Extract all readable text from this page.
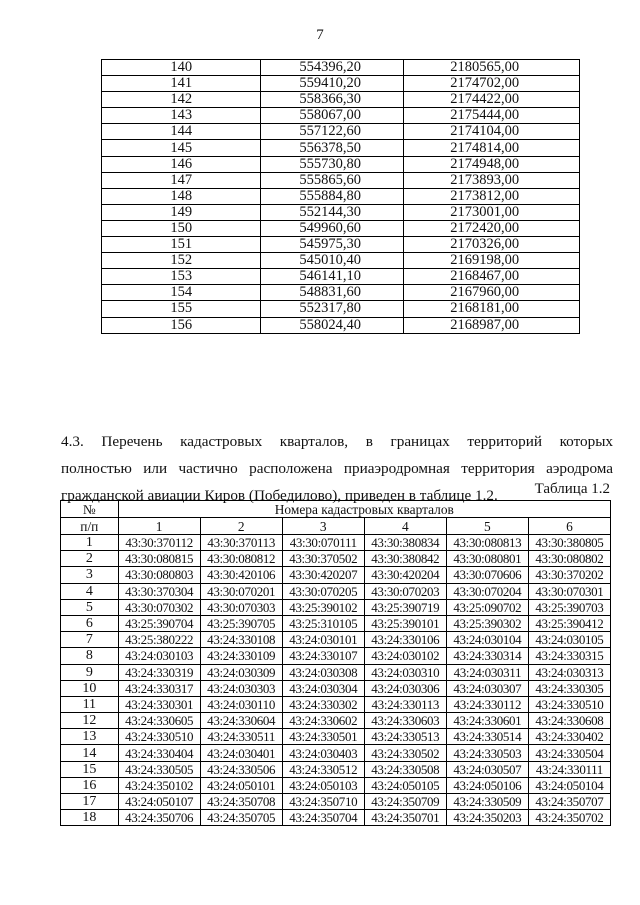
7
140	554396,20	2180565,00
141	559410,20	2174702,00
142	558366,30	2174422,00
143	558067,00	2175444,00
144	557122,60	2174104,00
145	556378,50	2174814,00
146	555730,80	2174948,00
147	555865,60	2173893,00
148	555884,80	2173812,00
149	552144,30	2173001,00
150	549960,60	2172420,00
151	545975,30	2170326,00
152	545010,40	2169198,00
153	546141,10	2168467,00
154	548831,60	2167960,00
155	552317,80	2168181,00
156	558024,40	2168987,00
4.3. Перечень кадастровых кварталов, в границах территорий которых
полностью или частично расположена приаэродромная территория аэродрома
гражданской авиации Киров (Победилово), приведен в таблице 1.2.	Таблица 1.2
№	Номера кадастровых кварталов					
п/п	1	2	3	4	5	6
1	43:30:370112	43:30:370113	43:30:070111	43:30:380834	43:30:080813	43:30:380805
2	43:30:080815	43:30:080812	43:30:370502	43:30:380842	43:30:080801	43:30:080802
3	43:30:080803	43:30:420106	43:30:420207	43:30:420204	43:30:070606	43:30:370202
4	43:30:370304	43:30:070201	43:30:070205	43:30:070203	43:30:070204	43:30:070301
5	43:30:070302	43:30:070303	43:25:390102	43:25:390719	43:25:090702	43:25:390703
6	43:25:390704	43:25:390705	43:25:310105	43:25:390101	43:25:390302	43:25:390412
7	43:25:380222	43:24:330108	43:24:030101	43:24:330106	43:24:030104	43:24:030105
8	43:24:030103	43:24:330109	43:24:330107	43:24:030102	43:24:330314	43:24:330315
9	43:24:330319	43:24:030309	43:24:030308	43:24:030310	43:24:030311	43:24:030313
10	43:24:330317	43:24:030303	43:24:030304	43:24:030306	43:24:030307	43:24:330305
11	43:24:330301	43:24:030110	43:24:330302	43:24:330113	43:24:330112	43:24:330510
12	43:24:330605	43:24:330604	43:24:330602	43:24:330603	43:24:330601	43:24:330608
13	43:24:330510	43:24:330511	43:24:330501	43:24:330513	43:24:330514	43:24:330402
14	43:24:330404	43:24:030401	43:24:030403	43:24:330502	43:24:330503	43:24:330504
15	43:24:330505	43:24:330506	43:24:330512	43:24:330508	43:24:030507	43:24:330111
16	43:24:350102	43:24:050101	43:24:050103	43:24:050105	43:24:050106	43:24:050104
17	43:24:050107	43:24:350708	43:24:350710	43:24:350709	43:24:330509	43:24:350707
18	43:24:350706	43:24:350705	43:24:350704	43:24:350701	43:24:350203	43:24:350702
